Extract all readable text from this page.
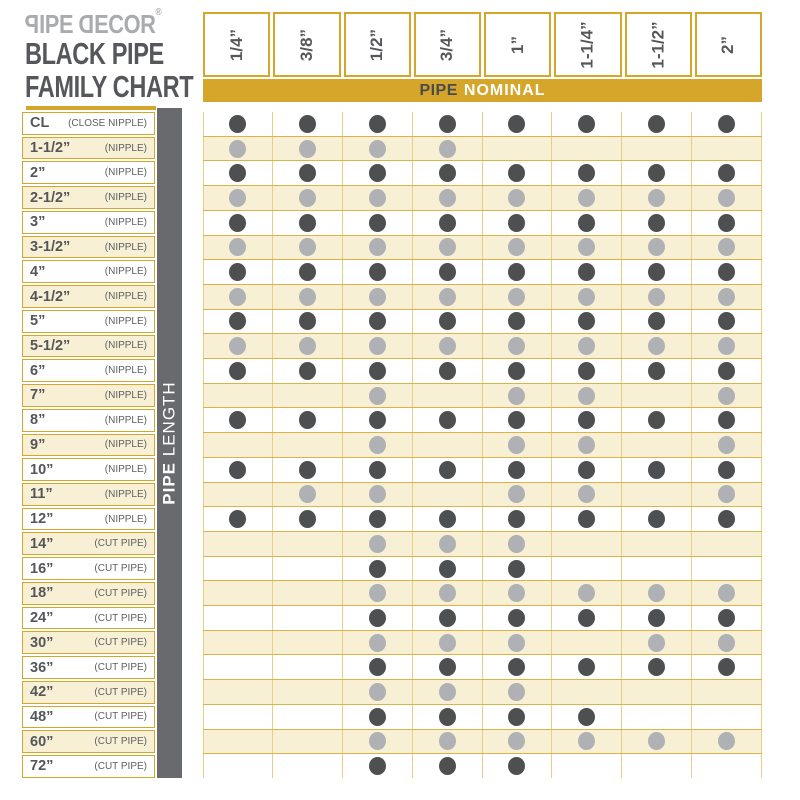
PIPE DECOR®
BLACK PIPE
FAMILY CHART
1/4”	3/8”	1/2”	3/4”	1”	1-1/4”	1-1/2”	2”
PIPE NOMINAL
CL (CLOSE NIPPLE)
1-1/2”	(NIPPLE)
2”	(NIPPLE)
2-1/2”	(NIPPLE)
3”	(NIPPLE)
3-1/2”	(NIPPLE)
4”	(NIPPLE)
4-1/2”	(NIPPLE)
5”	(NIPPLE)
5-1/2”	(NIPPLE)
6”	(NIPPLE)
7”	(NIPPLE)
8”	(NIPPLE)
9”	(NIPPLE)
10”	(NIPPLE)
11”	(NIPPLE)
12”	(NIPPLE)
14”	(CUT PIPE)
16”	(CUT PIPE)
18”	(CUT PIPE)
24”	(CUT PIPE)
30”	(CUT PIPE)
36”	(CUT PIPE)
42”	(CUT PIPE)
48”	(CUT PIPE)
60”	(CUT PIPE)
72”	(CUT PIPE)
PIPE LENGTH
